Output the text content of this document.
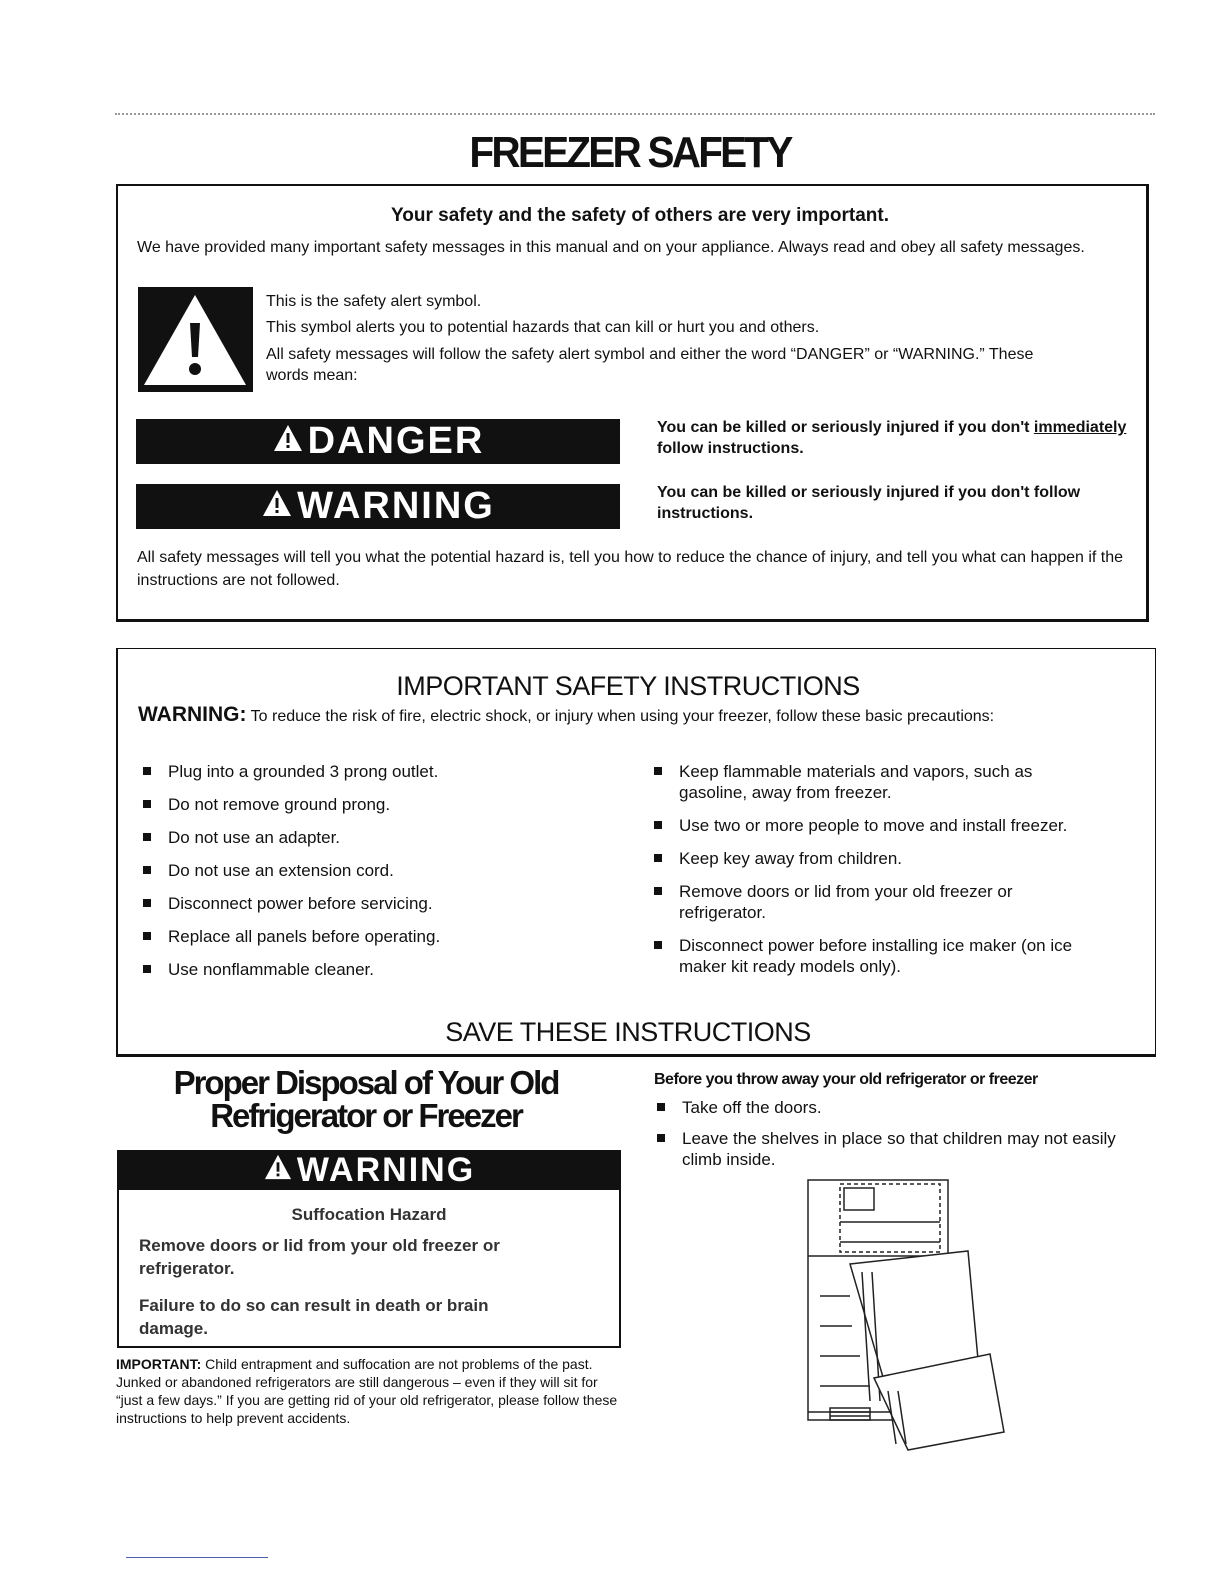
FREEZER SAFETY
Your safety and the safety of others are very important.
We have provided many important safety messages in this manual and on your appliance. Always read and obey all safety messages.
This is the safety alert symbol.
This symbol alerts you to potential hazards that can kill or hurt you and others.
All safety messages will follow the safety alert symbol and either the word “DANGER” or “WARNING.” These words mean:
DANGER	You can be killed or seriously injured if you don't immediately follow instructions.
WARNING	You can be killed or seriously injured if you don't follow instructions.
All safety messages will tell you what the potential hazard is, tell you how to reduce the chance of injury, and tell you what can happen if the instructions are not followed.
IMPORTANT SAFETY INSTRUCTIONS
WARNING: To reduce the risk of fire, electric shock, or injury when using your freezer, follow these basic precautions:
Plug into a grounded 3 prong outlet.
Do not remove ground prong.
Do not use an adapter.
Do not use an extension cord.
Disconnect power before servicing.
Replace all panels before operating.
Use nonflammable cleaner.
Keep flammable materials and vapors, such as gasoline, away from freezer.
Use two or more people to move and install freezer.
Keep key away from children.
Remove doors or lid from your old freezer or refrigerator.
Disconnect power before installing ice maker (on ice maker kit ready models only).
SAVE THESE INSTRUCTIONS
Proper Disposal of Your Old
Refrigerator or Freezer
WARNING
Suffocation Hazard
Remove doors or lid from your old freezer or refrigerator.
Failure to do so can result in death or brain damage.
IMPORTANT: Child entrapment and suffocation are not problems of the past. Junked or abandoned refrigerators are still dangerous – even if they will sit for “just a few days.” If you are getting rid of your old refrigerator, please follow these instructions to help prevent accidents.
Before you throw away your old refrigerator or freezer
Take off the doors.
Leave the shelves in place so that children may not easily climb inside.
